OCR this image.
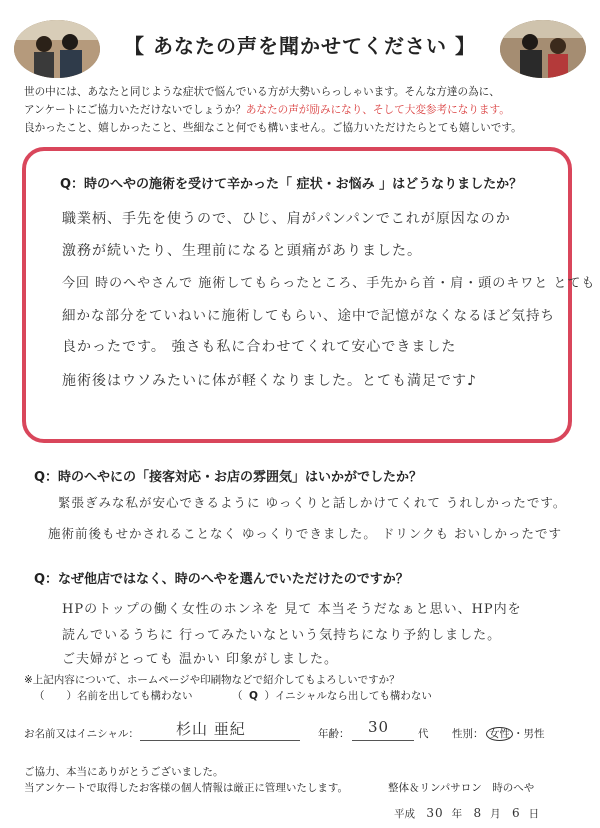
【 あなたの声を聞かせてください 】
世の中には、あなたと同じような症状で悩んでいる方が大勢いらっしゃいます。そんな方達の為に、
アンケートにご協力いただけないでしょうか？あなたの声が励みになり、そして大変参考になります。
良かったこと、嬉しかったこと、些細なこと何でも構いません。ご協力いただけたらとても嬉しいです。
Q：時のへやの施術を受けて辛かった「 症状・お悩み 」はどうなりましたか？
職業柄、手先を使うので、ひじ、肩がパンパンでこれが原因なのか
激務が続いたり、生理前になると頭痛がありました。
今回 時のへやさんで 施術してもらったところ、手先から首・肩・頭のキワと とても
細かな部分をていねいに施術してもらい、途中で記憶がなくなるほど気持ち
良かったです。 強さも私に合わせてくれて安心できました
施術後はウソみたいに体が軽くなりました。とても満足です♪
Q：時のへやにの「接客対応・お店の雰囲気」はいかがでしたか？
緊張ぎみな私が安心できるように ゆっくりと話しかけてくれて うれしかったです。
施術前後もせかされることなく ゆっくりできました。 ドリンクも おいしかったです
Q：なぜ他店ではなく、時のへやを選んでいただけたのですか？
HPのトップの働く女性のホンネを 見て 本当そうだなぁと思い、HP内を
読んでいるうちに 行ってみたいなという気持ちになり予約しました。
ご夫婦がとっても 温かい 印象がしました。
※上記内容について、ホームページや印刷物などで紹介してもよろしいですか？
（ ）名前を出しても構わない	（ Q ）イニシャルなら出しても構わない
お名前又はイニシャル： 杉山 亜紀	年齢： 30	代 性別： 女性 ・男性
ご協力、本当にありがとうございました。
当アンケートで取得したお客様の個人情報は厳正に管理いたします。	整体＆リンパサロン　時のへや
平成 30 年 8 月 6 日
